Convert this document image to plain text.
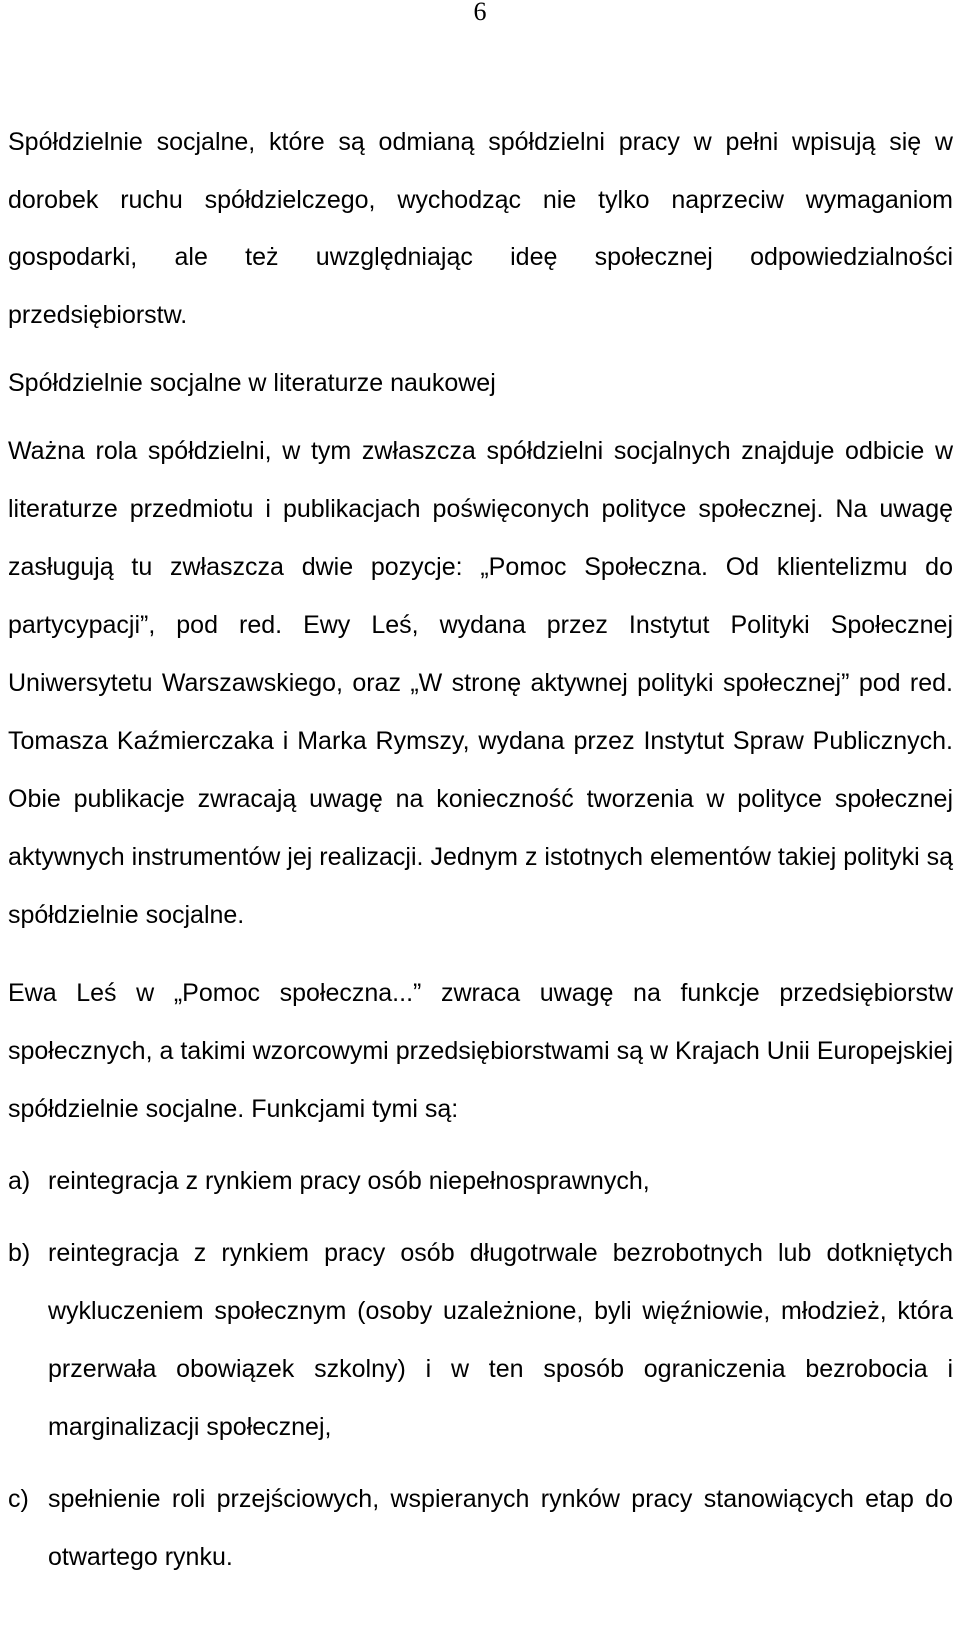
6

Spółdzielnie socjalne, które są odmianą spółdzielni pracy w pełni wpisują się w dorobek ruchu spółdzielczego, wychodząc nie tylko naprzeciw wymaganiom gospodarki, ale też uwzględniając ideę społecznej odpowiedzialności przedsiębiorstw.

Spółdzielnie socjalne w literaturze naukowej

Ważna rola spółdzielni, w tym zwłaszcza spółdzielni socjalnych znajduje odbicie w literaturze przedmiotu i publikacjach poświęconych polityce społecznej. Na uwagę zasługują tu zwłaszcza dwie pozycje: „Pomoc Społeczna. Od klientelizmu do partycypacji”, pod red. Ewy Leś, wydana przez Instytut Polityki Społecznej Uniwersytetu Warszawskiego, oraz „W stronę aktywnej polityki społecznej” pod red. Tomasza Kaźmierczaka i Marka Rymszy, wydana przez Instytut Spraw Publicznych. Obie publikacje zwracają uwagę na konieczność tworzenia w polityce społecznej aktywnych instrumentów jej realizacji. Jednym z istotnych elementów takiej polityki są spółdzielnie socjalne.

Ewa Leś w „Pomoc społeczna...” zwraca uwagę na funkcje przedsiębiorstw społecznych, a takimi wzorcowymi przedsiębiorstwami są w Krajach Unii Europejskiej spółdzielnie socjalne. Funkcjami tymi są:

a) reintegracja z rynkiem pracy osób niepełnosprawnych,
b) reintegracja z rynkiem pracy osób długotrwale bezrobotnych lub dotkniętych wykluczeniem społecznym (osoby uzależnione, byli więźniowie, młodzież, która przerwała obowiązek szkolny) i w ten sposób ograniczenia bezrobocia i marginalizacji społecznej,
c) spełnienie roli przejściowych, wspieranych rynków pracy stanowiących etap do otwartego rynku.
